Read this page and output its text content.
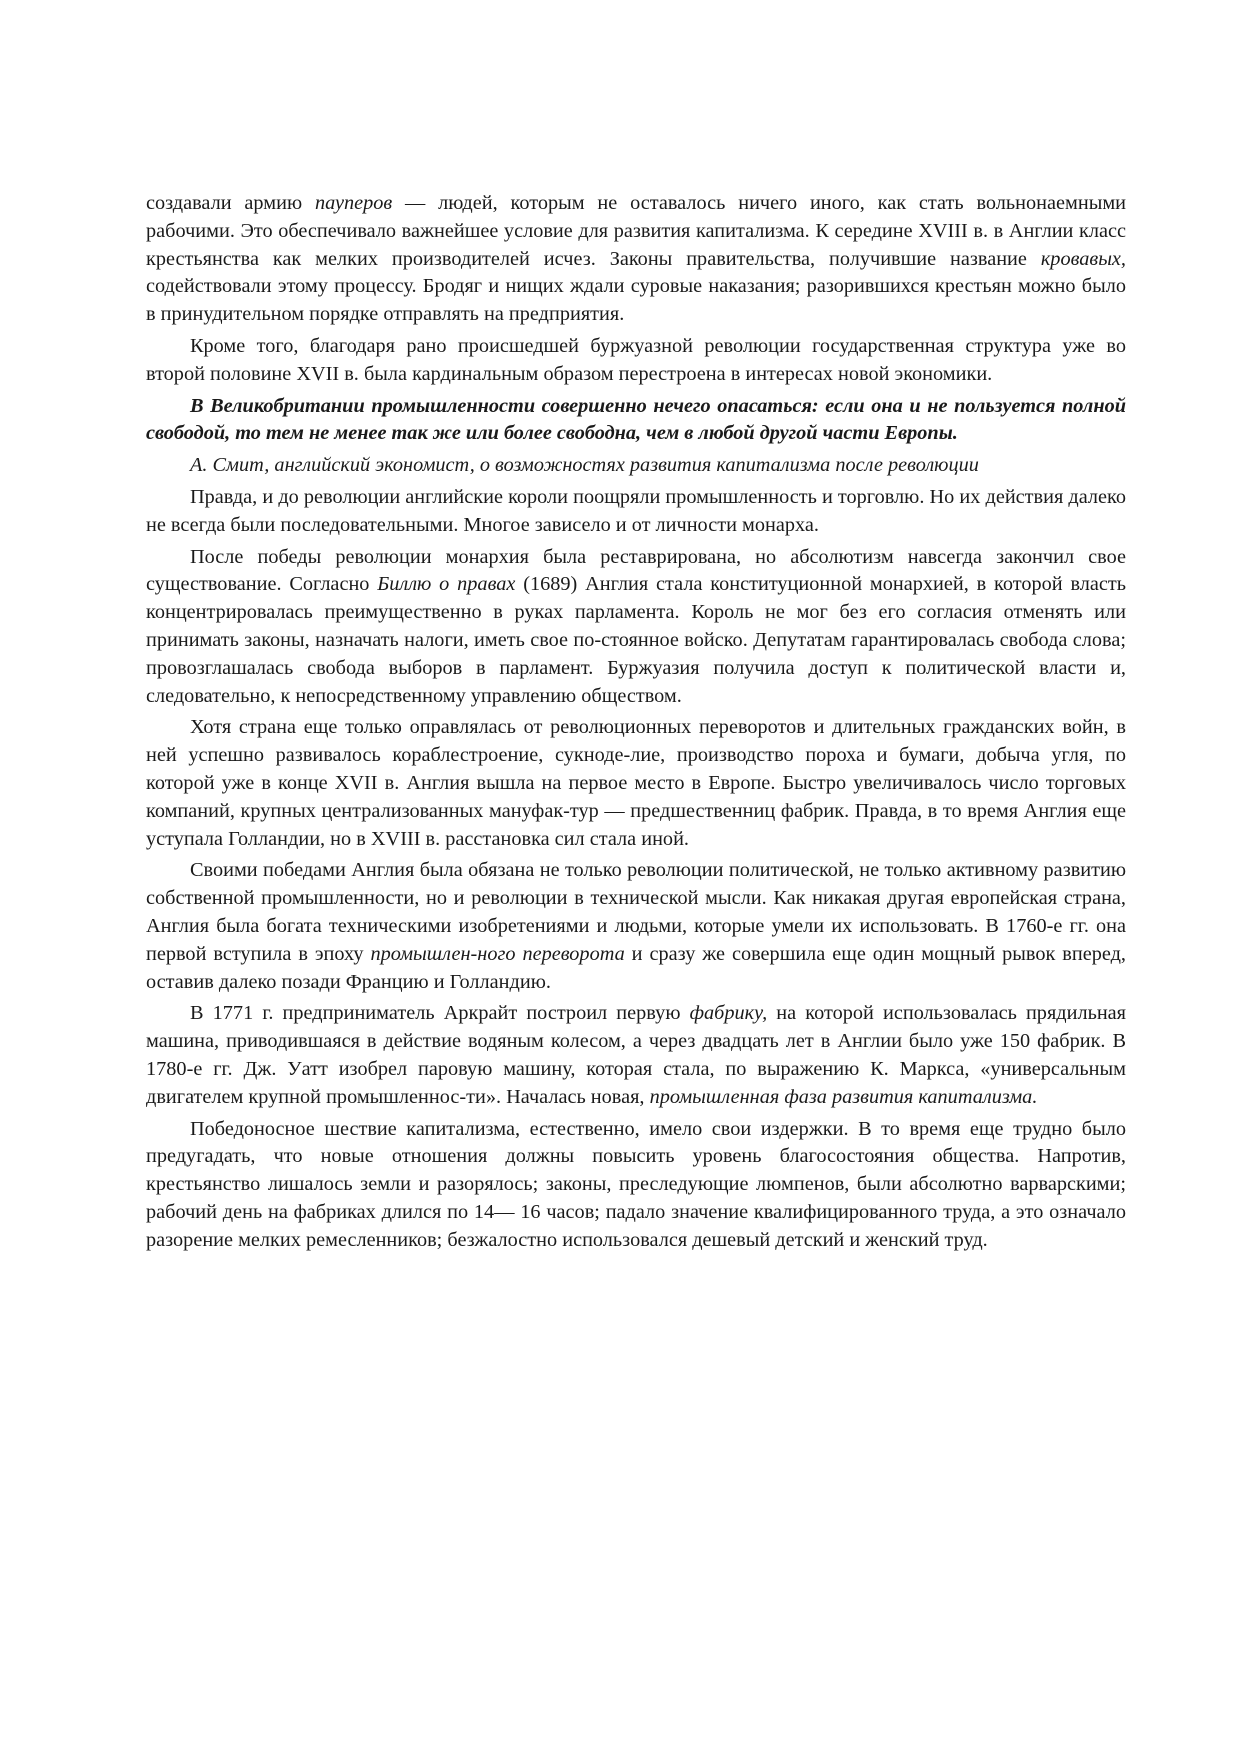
создавали армию пауперов — людей, которым не оставалось ничего иного, как стать вольнонаемными рабочими. Это обеспечивало важнейшее условие для развития капитализма. К середине XVIII в. в Англии класс крестьянства как мелких производителей исчез. Законы правительства, получившие название кровавых, содействовали этому процессу. Бродяг и нищих ждали суровые наказания; разорившихся крестьян можно было в принудительном порядке отправлять на предприятия.

Кроме того, благодаря рано происшедшей буржуазной революции государственная структура уже во второй половине XVII в. была кардинальным образом перестроена в интересах новой экономики.

В Великобритании промышленности совершенно нечего опасаться: если она и не пользуется полной свободой, то тем не менее так же или более свободна, чем в любой другой части Европы.

А. Смит, английский экономист, о возможностях развития капитализма после революции

Правда, и до революции английские короли поощряли промышленность и торговлю. Но их действия далеко не всегда были последовательными. Многое зависело и от личности монарха.

После победы революции монархия была реставрирована, но абсолютизм навсегда закончил свое существование. Согласно Биллю о правах (1689) Англия стала конституционной монархией, в которой власть концентрировалась преимущественно в руках парламента. Король не мог без его согласия отменять или принимать законы, назначать налоги, иметь свое по-стоянное войско. Депутатам гарантировалась свобода слова; провозглашалась свобода выборов в парламент. Буржуазия получила доступ к политической власти и, следовательно, к непосредственному управлению обществом.

Хотя страна еще только оправлялась от революционных переворотов и длительных гражданских войн, в ней успешно развивалось кораблестроение, сукноде-лие, производство пороха и бумаги, добыча угля, по которой уже в конце XVII в. Англия вышла на первое место в Европе. Быстро увеличивалось число торговых компаний, крупных централизованных мануфак-тур — предшественниц фабрик. Правда, в то время Англия еще уступала Голландии, но в XVIII в. расстановка сил стала иной.

Своими победами Англия была обязана не только революции политической, не только активному развитию собственной промышленности, но и революции в технической мысли. Как никакая другая европейская страна, Англия была богата техническими изобретениями и людьми, которые умели их использовать. В 1760-е гг. она первой вступила в эпоху промышлен-ного переворота и сразу же совершила еще один мощный рывок вперед, оставив далеко позади Францию и Голландию.

В 1771 г. предприниматель Аркрайт построил первую фабрику, на которой использовалась прядильная машина, приводившаяся в действие водяным колесом, а через двадцать лет в Англии было уже 150 фабрик. В 1780-е гг. Дж. Уатт изобрел паровую машину, которая стала, по выражению К. Маркса, «универсальным двигателем крупной промышленнос-ти». Началась новая, промышленная фаза развития капитализма.

Победоносное шествие капитализма, естественно, имело свои издержки. В то время еще трудно было предугадать, что новые отношения должны повысить уровень благосостояния общества. Напротив, крестьянство лишалось земли и разорялось; законы, преследующие люмпенов, были абсолютно варварскими; рабочий день на фабриках длился по 14— 16 часов; падало значение квалифицированного труда, а это означало разорение мелких ремесленников; безжалостно использовался дешевый детский и женский труд.
